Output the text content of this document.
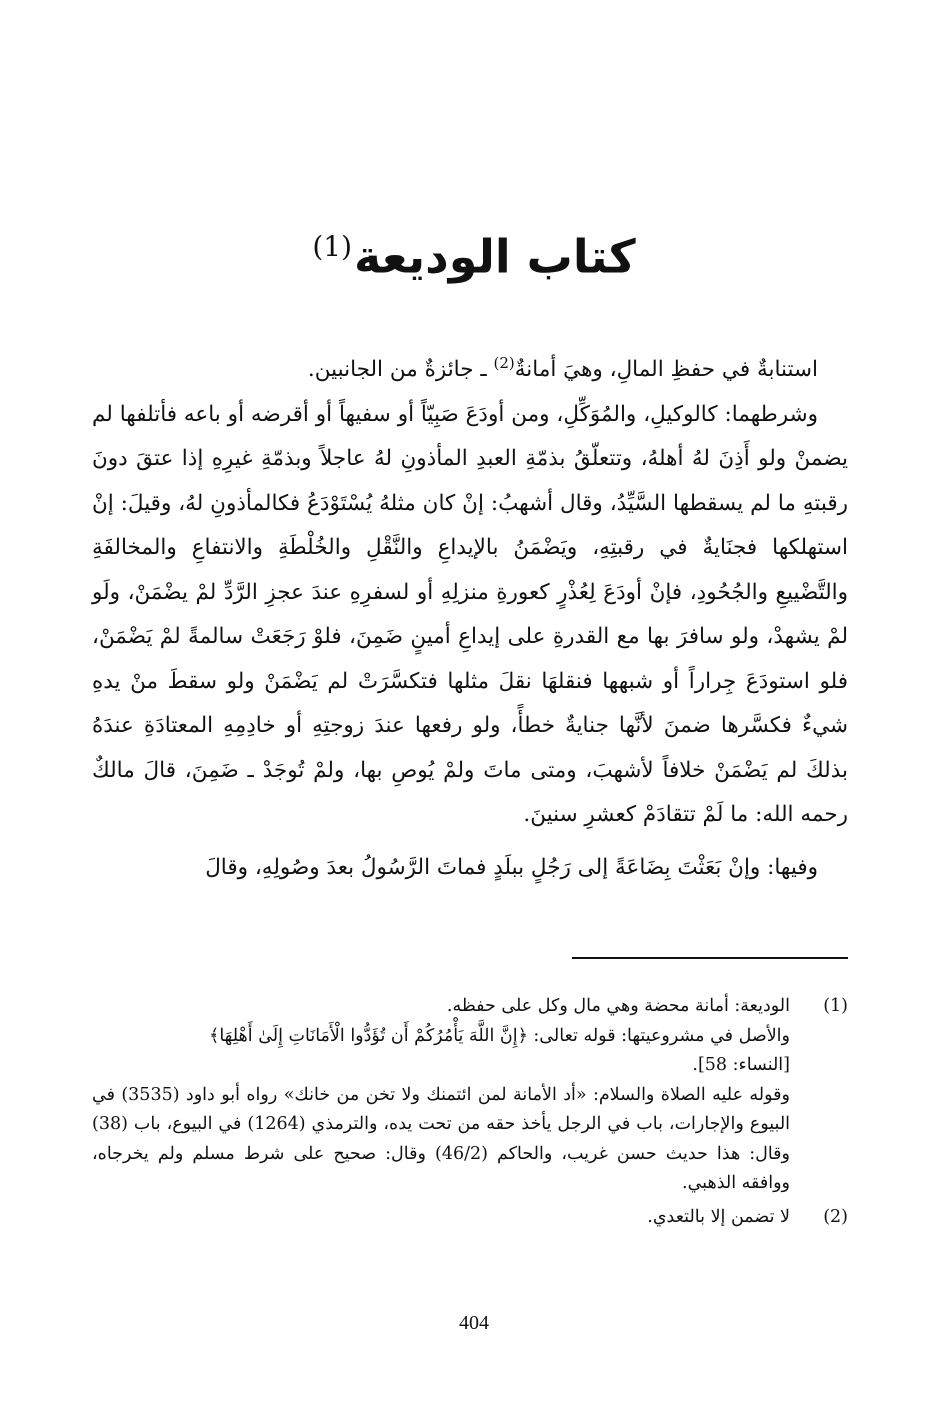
كتاب الوديعة$^{(1)}$

استنابةٌ في حفظِ المالِ، وهيَ أمانةٌ$^{(2)}$ ـ جائزةٌ من الجانبين.

وشرطهما: كالوكيلِ، والمُوَكِّلِ، ومن أودَعَ صَبِيّاً أو سفيهاً أو أقرضه أو باعه فأتلفها لم يضمنْ ولو أَذِنَ لهُ أهلهُ، وتتعلّقُ بذمّةِ العبدِ المأذونِ لهُ عاجلاً وبذمّةِ غيرِهِ إذا عتقَ دونَ رقبتهِ ما لم يسقطها السَّيِّدُ، وقال أشهبُ: إنْ كان مثلهُ يُسْتَوْدَعُ فكالمأذونِ لهُ، وقيلَ: إنْ استهلكها فجنَايةٌ في رقبتِهِ، ويَضْمَنُ بالإيداعِ والنَّقْلِ والخُلْطَةِ والانتفاعِ والمخالفَةِ والتَّضْييعِ والجُحُودِ، فإنْ أودَعَ لِعُذْرٍ كعورةِ منزلِهِ أو لسفرِهِ عندَ عجزِ الرَّدِّ لمْ يضْمَنْ، ولَو لمْ يشهدْ، ولو سافرَ بها مع القدرةِ على إيداعِ أمينٍ ضَمِنَ، فلوْ رَجَعَتْ سالمةً لمْ يَضْمَنْ، فلو استودَعَ جِراراً أو شبهها فنقلهَا نقلَ مثلها فتكسَّرَتْ لم يَضْمَنْ ولو سقطَ منْ يدهِ شيءٌ فكسَّرها ضمنَ لأنَّها جنايةٌ خطأً، ولو رفعها عندَ زوجتِهِ أو خادِمِهِ المعتادَةِ عندَهُ بذلكَ لم يَضْمَنْ خلافاً لأشهبَ، ومتى ماتَ ولمْ يُوصِ بها، ولمْ تُوجَدْ ـ ضَمِنَ، قالَ مالكٌ رحمه الله: ما لَمْ تتقادَمْ كعشرِ سنينَ.

وفيها: وإنْ بَعَثْتَ بِضَاعَةً إلى رَجُلٍ ببلَدٍ فماتَ الرَّسُولُ بعدَ وصُولِهِ، وقالَ

(1)
الوديعة: أمانة محضة وهي مال وكل على حفظه.
والأصل في مشروعيتها: قوله تعالى: ﴿إِنَّ اللَّهَ يَأْمُرُكُمْ أَن تُؤَدُّوا الْأَمَانَاتِ إِلَىٰ أَهْلِهَا﴾
[النساء: 58].
وقوله عليه الصلاة والسلام: «أد الأمانة لمن ائتمنك ولا تخن من خانك» رواه أبو داود (3535) في البيوع والإجارات، باب في الرجل يأخذ حقه من تحت يده، والترمذي (1264) في البيوع، باب (38) وقال: هذا حديث حسن غريب، والحاكم (46/2) وقال: صحيح على شرط مسلم ولم يخرجاه، ووافقه الذهبي.
(2)
لا تضمن إلا بالتعدي.
404
